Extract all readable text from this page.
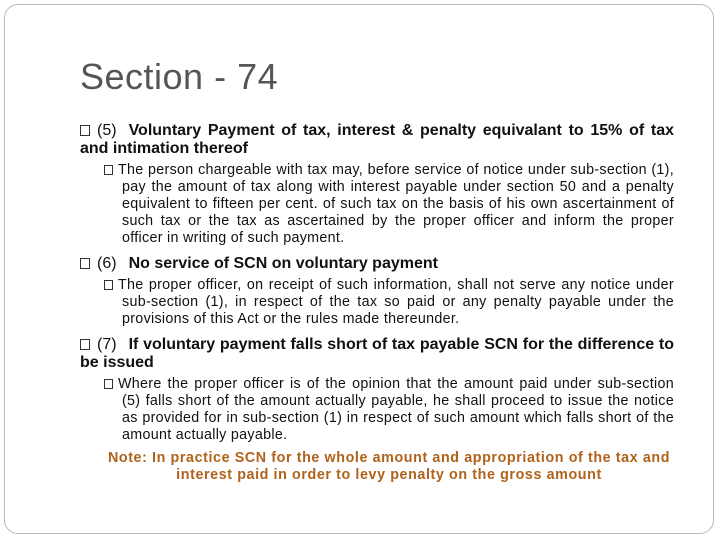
Section - 74
(5) Voluntary Payment of tax, interest & penalty equivalant to 15% of tax and intimation thereof
The person chargeable with tax may, before service of notice under sub-section (1), pay the amount of tax along with interest payable under section 50 and a penalty equivalent to fifteen per cent. of such tax on the basis of his own ascertainment of such tax or the tax as ascertained by the proper officer and inform the proper officer in writing of such payment.
(6) No service of SCN on voluntary payment
The proper officer, on receipt of such information, shall not serve any notice under sub-section (1), in respect of the tax so paid or any penalty payable under the provisions of this Act or the rules made thereunder.
(7) If voluntary payment falls short of tax payable SCN for the difference to be issued
Where the proper officer is of the opinion that the amount paid under sub-section (5) falls short of the amount actually payable, he shall proceed to issue the notice as provided for in sub-section (1) in respect of such amount which falls short of the amount actually payable.
Note: In practice SCN for the whole amount and appropriation of the tax and interest paid in order to levy penalty on the gross amount
